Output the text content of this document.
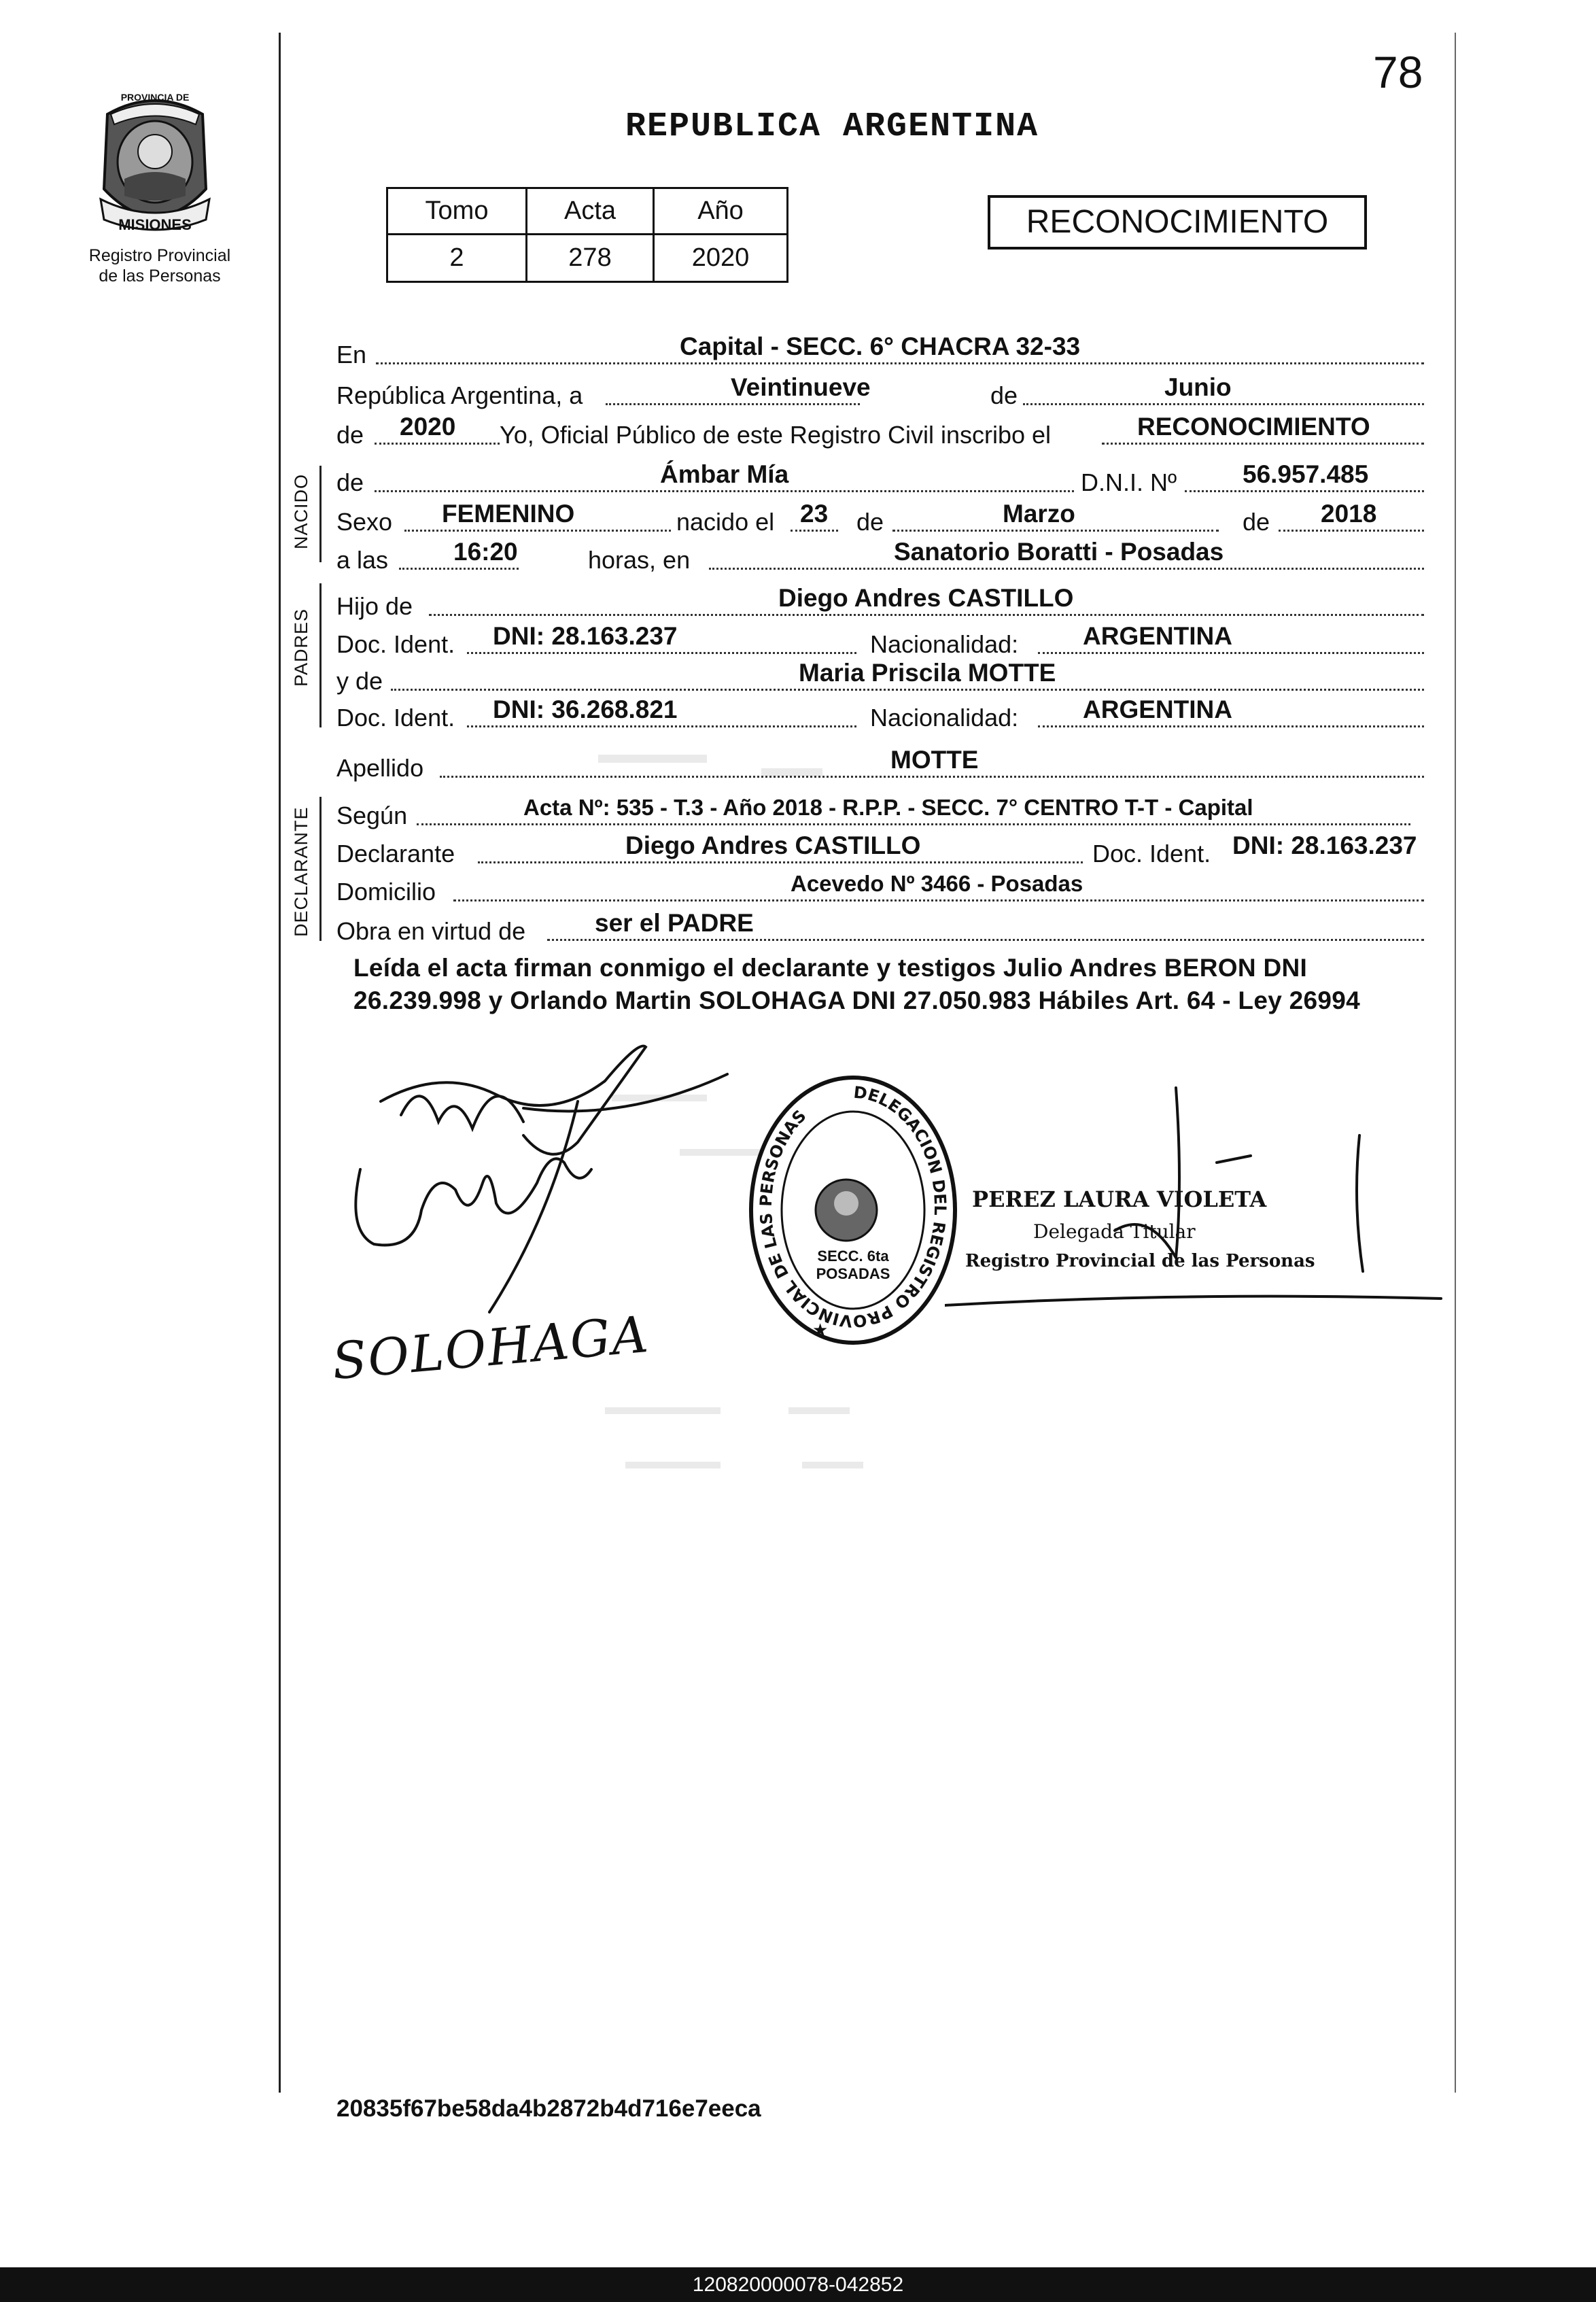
78
PROVINCIA DE
MISIONES
Registro Provincial
de las Personas
REPUBLICA ARGENTINA
Tomo	Acta	Año
2	278	2020
RECONOCIMIENTO
En	Capital - SECC. 6° CHACRA 32-33
República Argentina, a	Veintinueve	de	Junio
de 2020 Yo, Oficial Público de este Registro Civil inscribo el	RECONOCIMIENTO
NACIDO de	Ámbar Mía	D.N.I. Nº	56.957.485
Sexo FEMENINO	nacido el 23 de	Marzo	de 2018
a las	16:20	horas, en	Sanatorio Boratti - Posadas
PADRES
Hijo de	Diego Andres CASTILLO
Doc. Ident. DNI: 28.163.237	Nacionalidad:	ARGENTINA
y de	Maria Priscila MOTTE
Doc. Ident. DNI: 36.268.821	Nacionalidad:	ARGENTINA
Apellido	MOTTE
DECLARANTE Según	Acta Nº: 535 - T.3 - Año 2018 - R.P.P. - SECC. 7° CENTRO T-T - Capital
Declarante	Diego Andres CASTILLO	Doc. Ident. DNI: 28.163.237
Domicilio	Acevedo Nº 3466 - Posadas
Obra en virtud de	ser el PADRE
Leída el acta firman conmigo el declarante y testigos Julio Andres BERON DNI 26.239.998 y Orlando Martin SOLOHAGA DNI 27.050.983 Hábiles Art. 64 - Ley 26994
SOLOHAGA
DELEGACION DEL REGISTRO PROVINCIAL DE LAS PERSONAS
★
SECC. 6ta POSADAS
PEREZ LAURA VIOLETA
Delegada Titular
Registro Provincial de las Personas
20835f67be58da4b2872b4d716e7eeca
120820000078-042852
